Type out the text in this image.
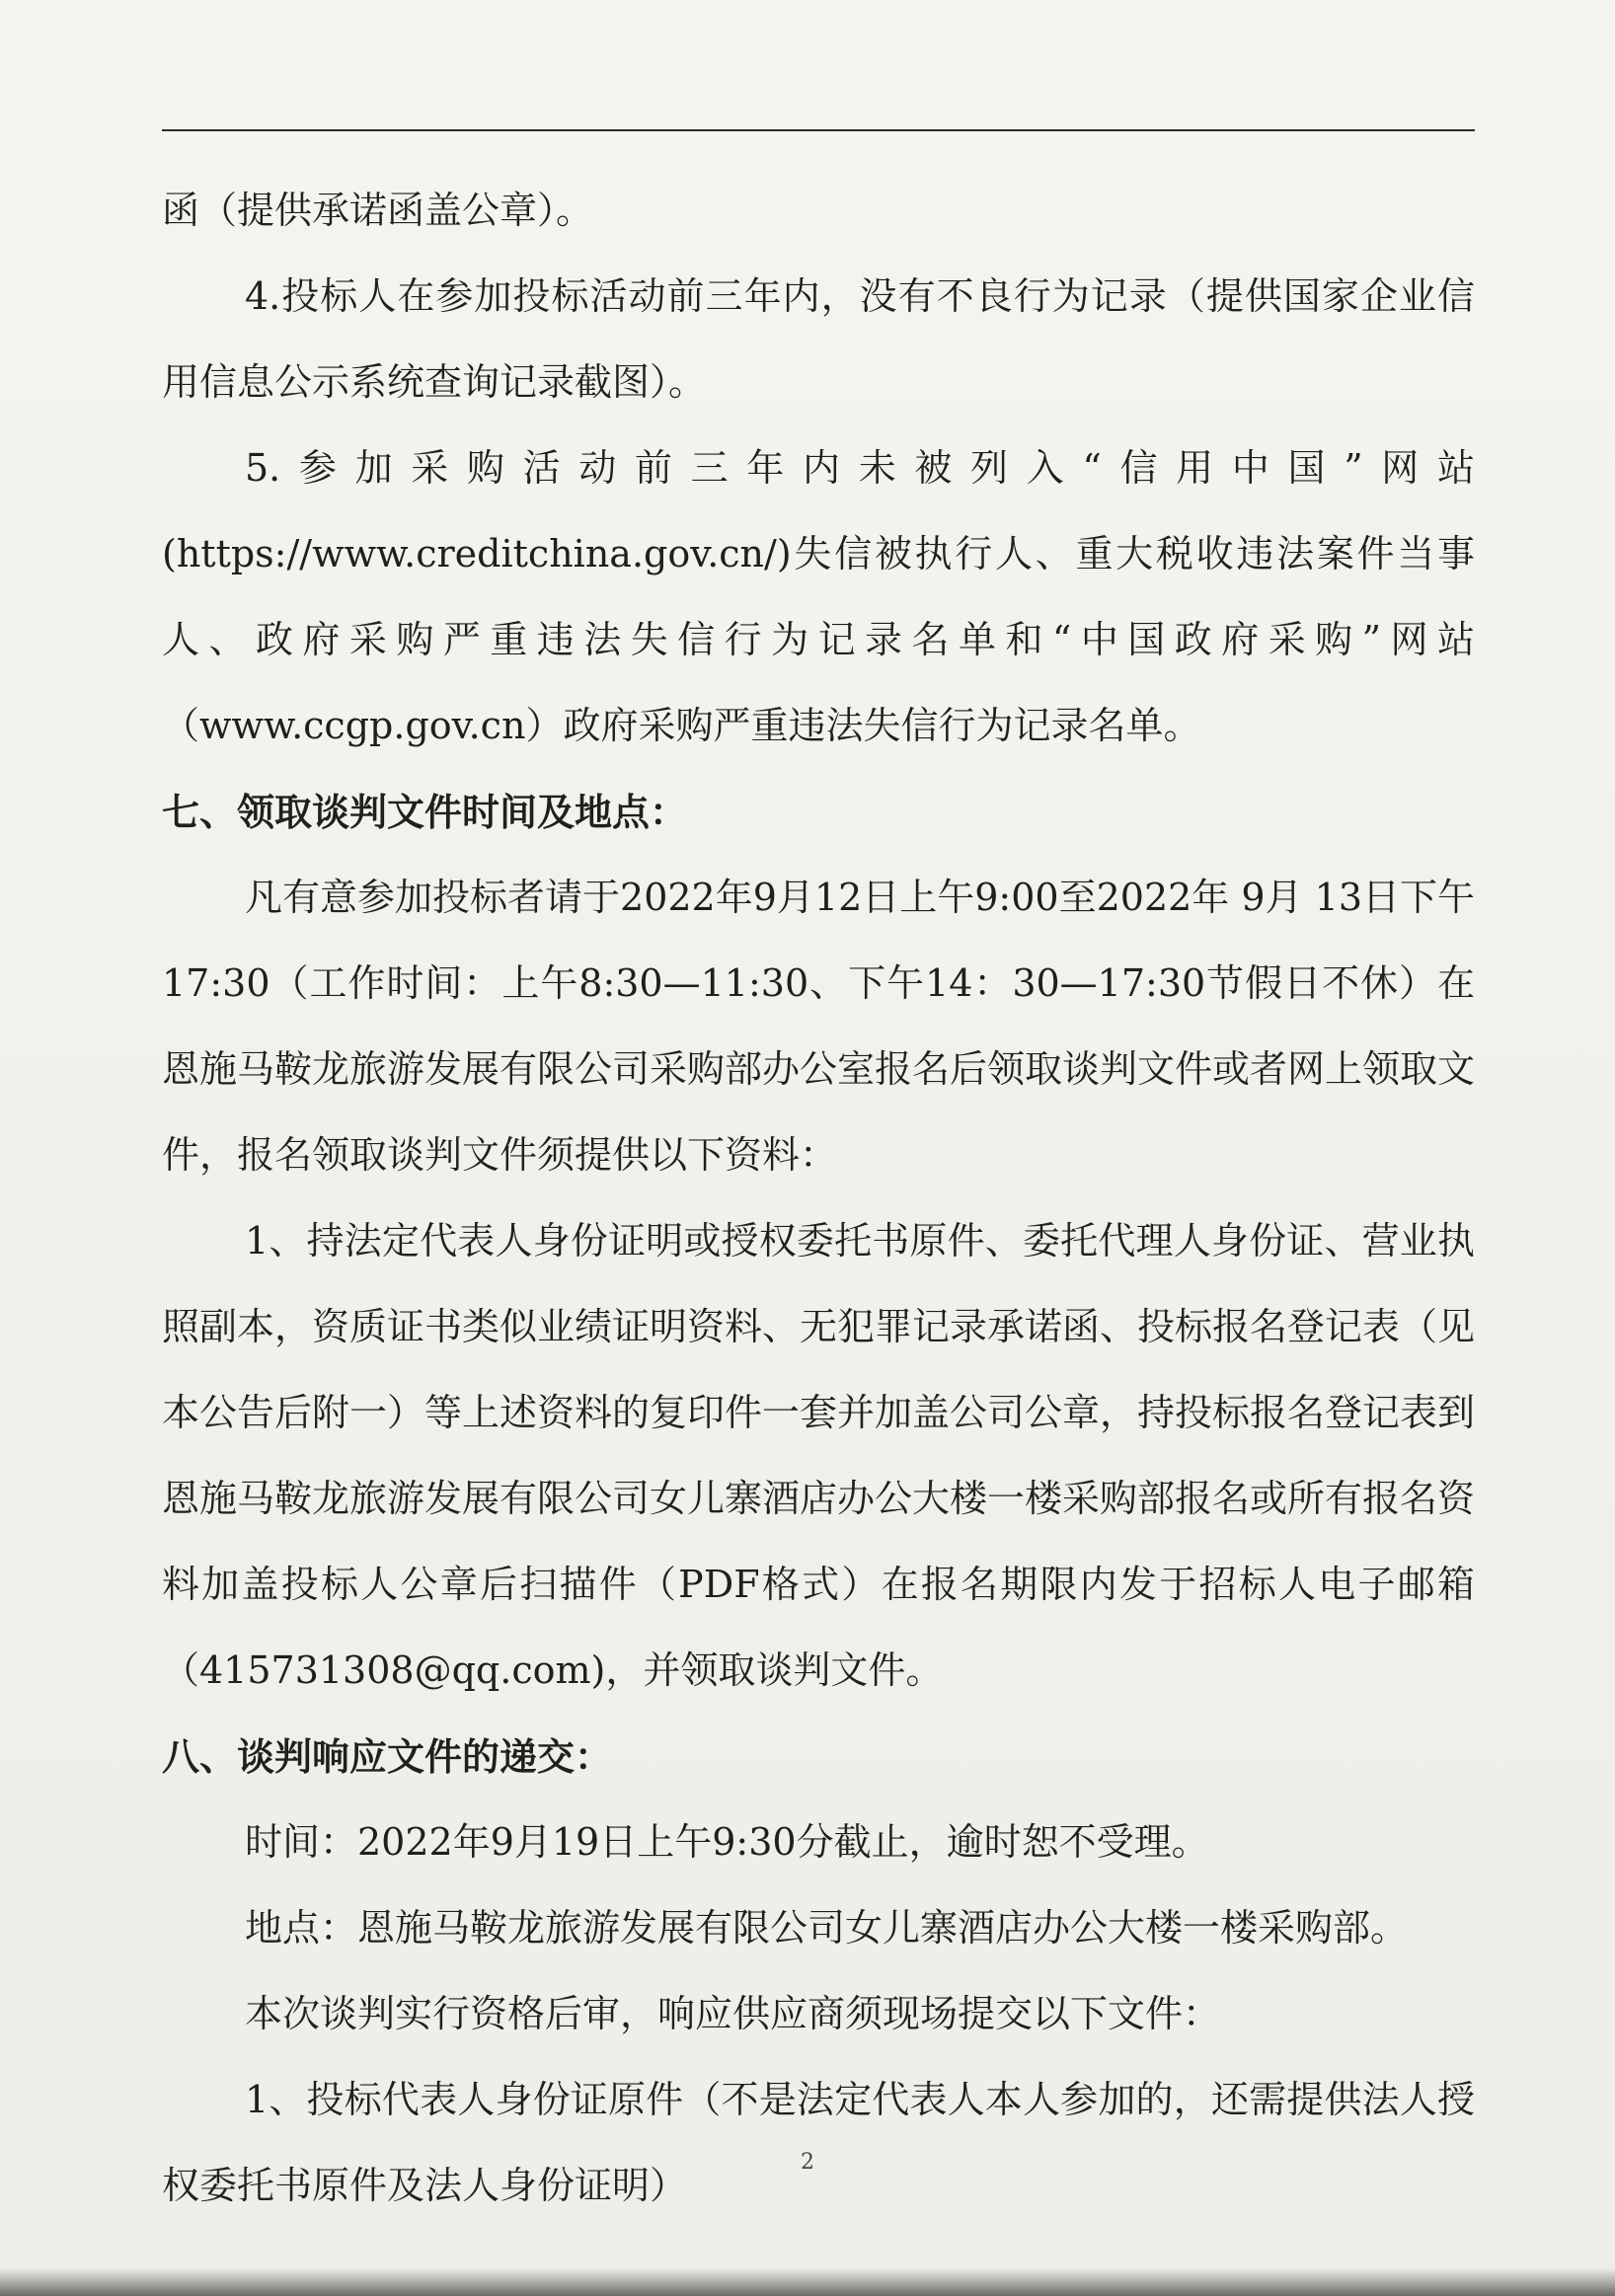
函（提供承诺函盖公章）。

4.投标人在参加投标活动前三年内，没有不良行为记录（提供国家企业信用信息公示系统查询记录截图）。

5.参加采购活动前三年内未被列入“信用中国”网站(https://www.creditchina.gov.cn/)失信被执行人、重大税收违法案件当事人、政府采购严重违法失信行为记录名单和“中国政府采购”网站（www.ccgp.gov.cn）政府采购严重违法失信行为记录名单。

七、领取谈判文件时间及地点：

凡有意参加投标者请于2022年9月12日上午9:00至2022年 9月 13日下午17:30（工作时间：上午8:30—11:30、下午14：30—17:30节假日不休）在恩施马鞍龙旅游发展有限公司采购部办公室报名后领取谈判文件或者网上领取文件，报名领取谈判文件须提供以下资料：

1、持法定代表人身份证明或授权委托书原件、委托代理人身份证、营业执照副本，资质证书类似业绩证明资料、无犯罪记录承诺函、投标报名登记表（见本公告后附一）等上述资料的复印件一套并加盖公司公章，持投标报名登记表到恩施马鞍龙旅游发展有限公司女儿寨酒店办公大楼一楼采购部报名或所有报名资料加盖投标人公章后扫描件（PDF格式）在报名期限内发于招标人电子邮箱（415731308@qq.com)，并领取谈判文件。

八、谈判响应文件的递交：

时间：2022年9月19日上午9:30分截止，逾时恕不受理。

地点：恩施马鞍龙旅游发展有限公司女儿寨酒店办公大楼一楼采购部。

本次谈判实行资格后审，响应供应商须现场提交以下文件：

1、投标代表人身份证原件（不是法定代表人本人参加的，还需提供法人授权委托书原件及法人身份证明）

2
